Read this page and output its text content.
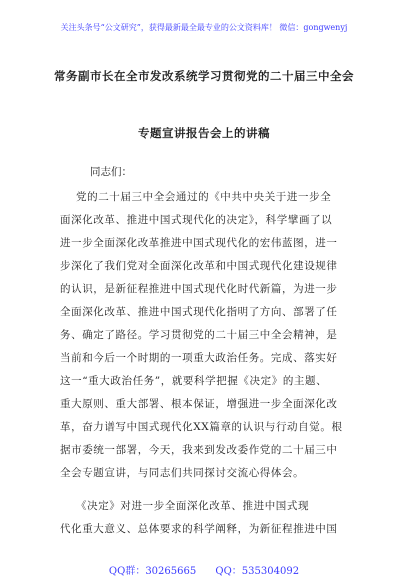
关注头条号“公文研究”，获得最新最全最专业的公文资料库！ 微信：gongwenyj
常务副市长在全市发改系统学习贯彻党的二十届三中全会
专题宣讲报告会上的讲稿
同志们：
党的二十届三中全会通过的《中共中央关于进一步全
面深化改革、推进中国式现代化的决定》，科学擘画了以
进一步全面深化改革推进中国式现代化的宏伟蓝图，进一
步深化了我们党对全面深化改革和中国式现代化建设规律
的认识，是新征程推进中国式现代化时代新篇，为进一步
全面深化改革、推进中国式现代化指明了方向、部署了任
务、确定了路径。学习贯彻党的二十届三中全会精神，是
当前和今后一个时期的一项重大政治任务。完成、落实好
这一“重大政治任务”，就要科学把握《决定》的主题、
重大原则、重大部署、根本保证，增强进一步全面深化改
革，奋力谱写中国式现代化XX篇章的认识与行动自觉。根
据市委统一部署，今天，我来到发改委作党的二十届三中
全会专题宣讲，与同志们共同探讨交流心得体会。
《决定》对进一步全面深化改革、推进中国式现
代化重大意义、总体要求的科学阐释，为新征程推进中国
QQ群：30265665 QQ：535304092
